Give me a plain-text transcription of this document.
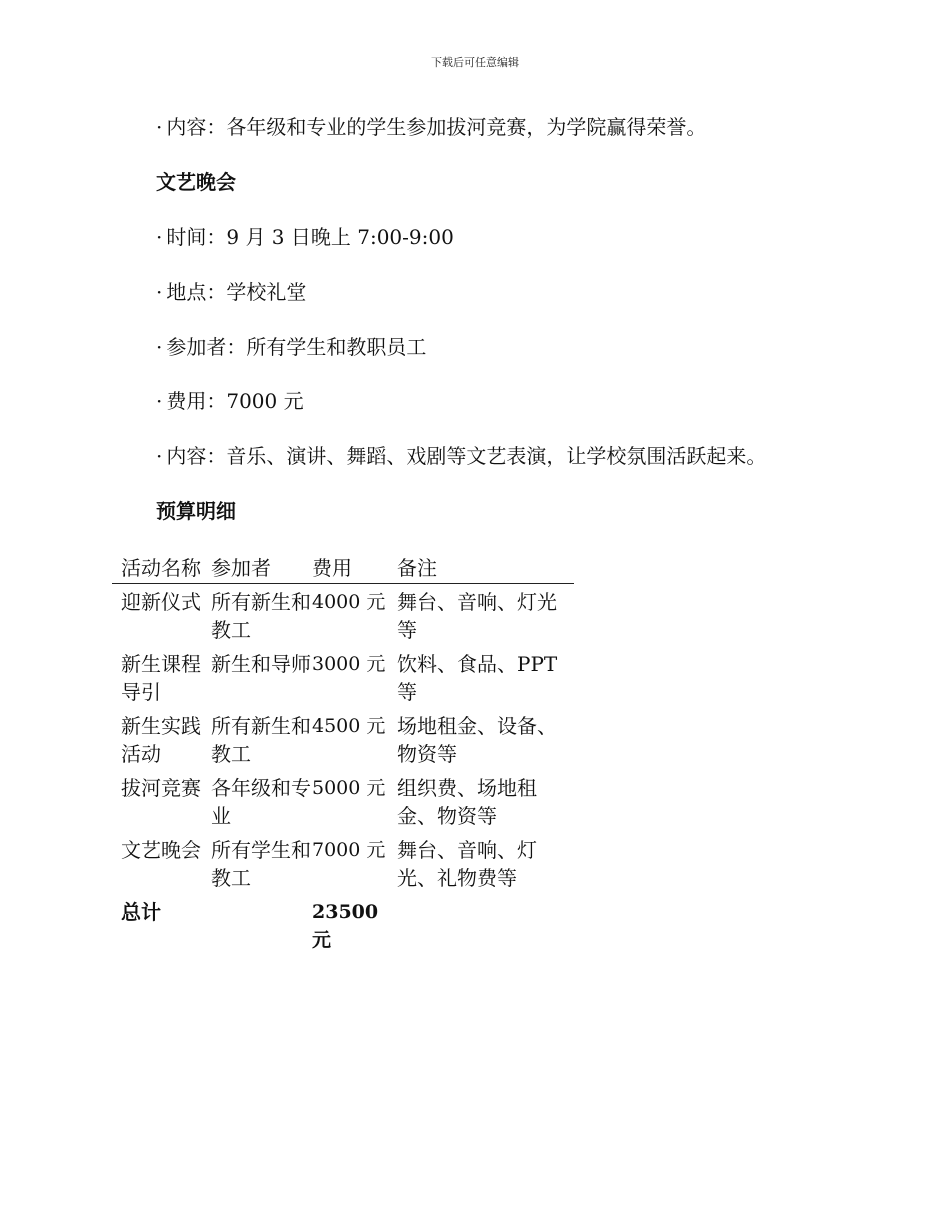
下载后可任意编辑
· 内容：各年级和专业的学生参加拔河竞赛，为学院赢得荣誉。
文艺晚会
· 时间：9 月 3 日晚上 7:00-9:00
· 地点：学校礼堂
· 参加者：所有学生和教职员工
· 费用：7000 元
· 内容：音乐、演讲、舞蹈、戏剧等文艺表演，让学校氛围活跃起来。
预算明细
活动名称	参加者	费用	备注
迎新仪式	所有新生和教工	4000 元	舞台、音响、灯光等
新生课程导引	新生和导师	3000 元	饮料、食品、PPT 等
新生实践活动	所有新生和教工	4500 元	场地租金、设备、物资等
拔河竞赛	各年级和专业	5000 元	组织费、场地租金、物资等
文艺晚会	所有学生和教工	7000 元	舞台、音响、灯光、礼物费等
总计		23500 元	
